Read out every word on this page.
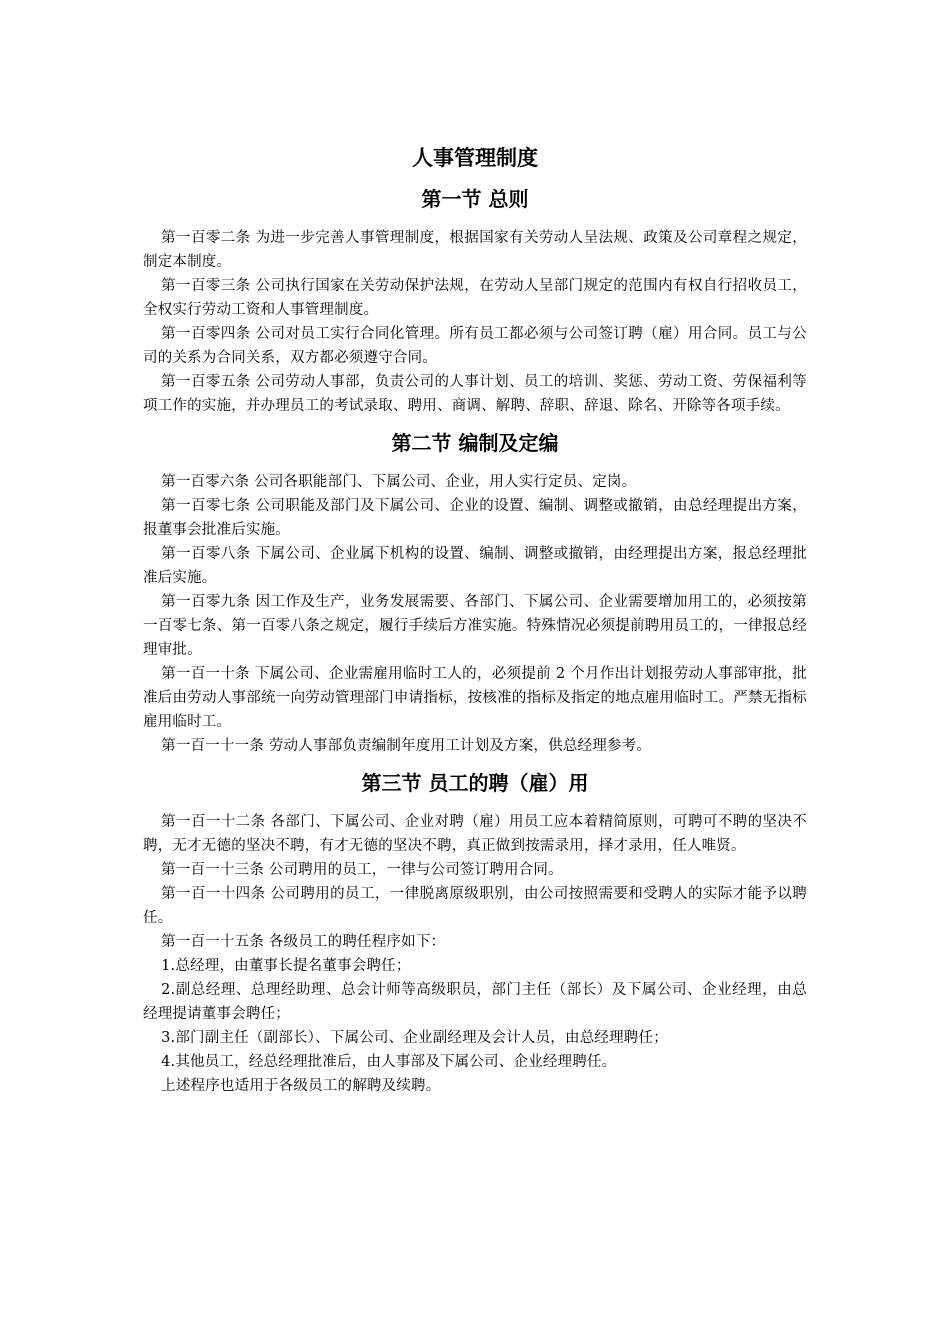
人事管理制度
第一节 总则

第一百零二条 为进一步完善人事管理制度，根据国家有关劳动人呈法规、政策及公司章程之规定，制定本制度。

第一百零三条 公司执行国家在关劳动保护法规，在劳动人呈部门规定的范围内有权自行招收员工，全权实行劳动工资和人事管理制度。

第一百零四条 公司对员工实行合同化管理。所有员工都必须与公司签订聘（雇）用合同。员工与公司的关系为合同关系，双方都必须遵守合同。

第一百零五条 公司劳动人事部，负责公司的人事计划、员工的培训、奖惩、劳动工资、劳保福利等项工作的实施，并办理员工的考试录取、聘用、商调、解聘、辞职、辞退、除名、开除等各项手续。

第二节 编制及定编

第一百零六条 公司各职能部门、下属公司、企业，用人实行定员、定岗。

第一百零七条 公司职能及部门及下属公司、企业的设置、编制、调整或撤销，由总经理提出方案，报董事会批准后实施。

第一百零八条 下属公司、企业属下机构的设置、编制、调整或撤销，由经理提出方案，报总经理批准后实施。

第一百零九条 因工作及生产，业务发展需要、各部门、下属公司、企业需要增加用工的，必须按第一百零七条、第一百零八条之规定，履行手续后方准实施。特殊情况必须提前聘用员工的，一律报总经理审批。

第一百一十条 下属公司、企业需雇用临时工人的，必须提前 2 个月作出计划报劳动人事部审批，批准后由劳动人事部统一向劳动管理部门申请指标，按核准的指标及指定的地点雇用临时工。严禁无指标雇用临时工。

第一百一十一条 劳动人事部负责编制年度用工计划及方案，供总经理参考。

第三节 员工的聘（雇）用

第一百一十二条 各部门、下属公司、企业对聘（雇）用员工应本着精简原则，可聘可不聘的坚决不聘，无才无德的坚决不聘，有才无德的坚决不聘，真正做到按需录用，择才录用，任人唯贤。

第一百一十三条 公司聘用的员工，一律与公司签订聘用合同。

第一百一十四条 公司聘用的员工，一律脱离原级职别，由公司按照需要和受聘人的实际才能予以聘任。

第一百一十五条 各级员工的聘任程序如下：

1.总经理，由董事长提名董事会聘任；

2.副总经理、总理经助理、总会计师等高级职员，部门主任（部长）及下属公司、企业经理，由总经理提请董事会聘任；

3.部门副主任（副部长）、下属公司、企业副经理及会计人员，由总经理聘任；

4.其他员工，经总经理批准后，由人事部及下属公司、企业经理聘任。

上述程序也适用于各级员工的解聘及续聘。
